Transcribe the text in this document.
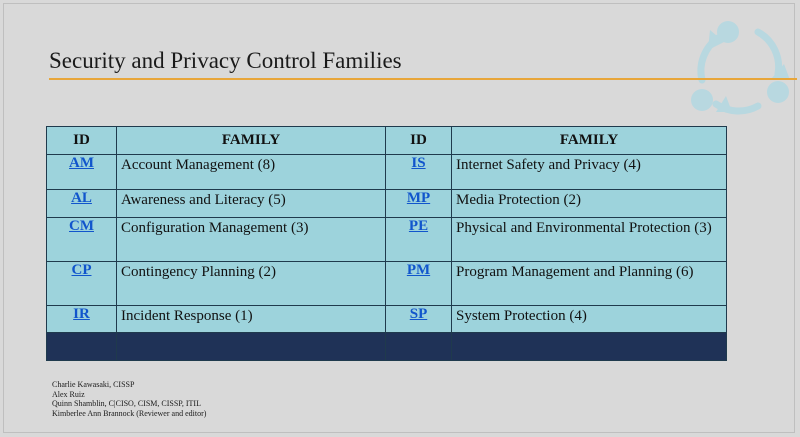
Security and Privacy Control Families
ID	FAMILY	ID	FAMILY
AM	Account Management (8)	IS	Internet Safety and Privacy (4)
AL	Awareness and Literacy (5)	MP	Media Protection (2)
CM	Configuration Management (3)	PE	Physical and Environmental Protection (3)
CP	Contingency Planning (2)	PM	Program Management and Planning (6)
IR	Incident Response (1)	SP	System Protection (4)

Charlie Kawasaki, CISSP
Alex Ruiz
Quinn Shamblin, C|CISO, CISM, CISSP, ITIL
Kimberlee Ann Brannock (Reviewer and editor)
